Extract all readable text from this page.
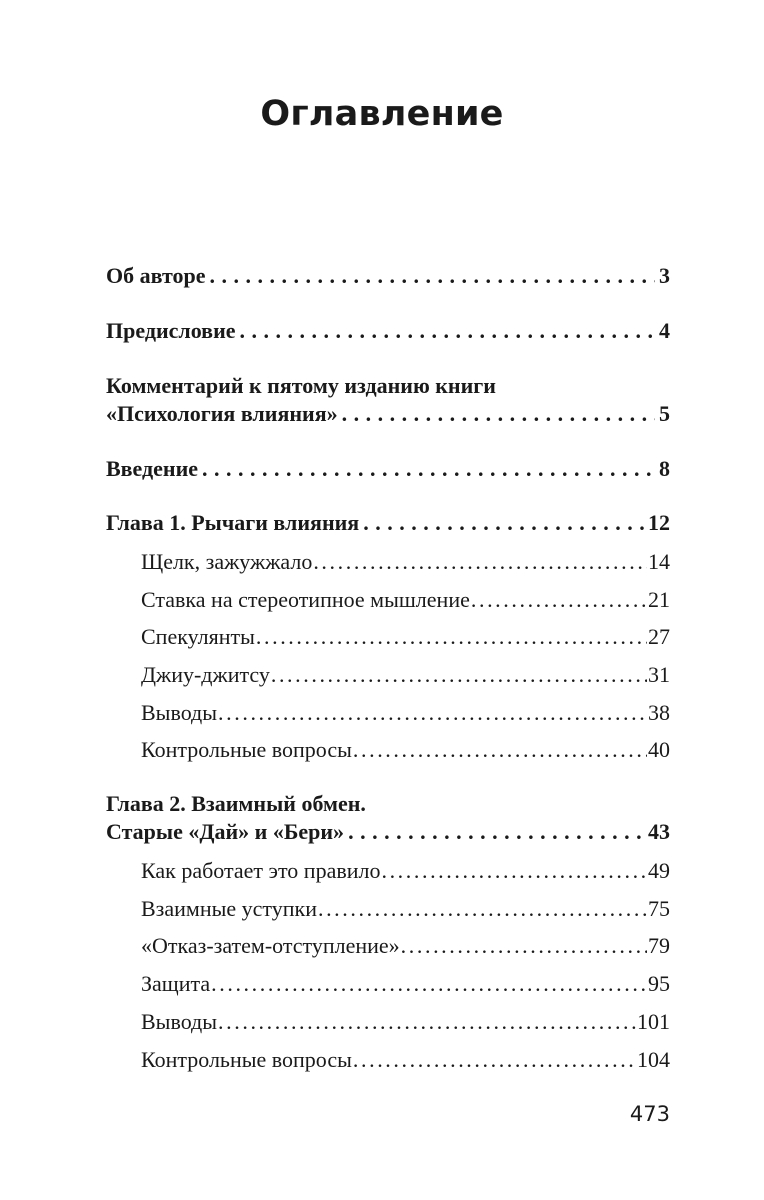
Оглавление
Об авторе . . .	3
Предисловие . . .	4
Комментарий к пятому изданию книги
«Психология влияния» . . .	5
Введение . . .	8
Глава 1. Рычаги влияния . . .	12
Щелк, зажужжало .....	14
Ставка на стереотипное мышление .....	21
Спекулянты .....	27
Джиу-джитсу .....	31
Выводы .....	38
Контрольные вопросы .....	40
Глава 2. Взаимный обмен.
Старые «Дай» и «Бери» . . .	43
Как работает это правило .....	49
Взаимные уступки .....	75
«Отказ-затем-отступление» .....	79
Защита .....	95
Выводы .....	101
Контрольные вопросы .....	104
473
